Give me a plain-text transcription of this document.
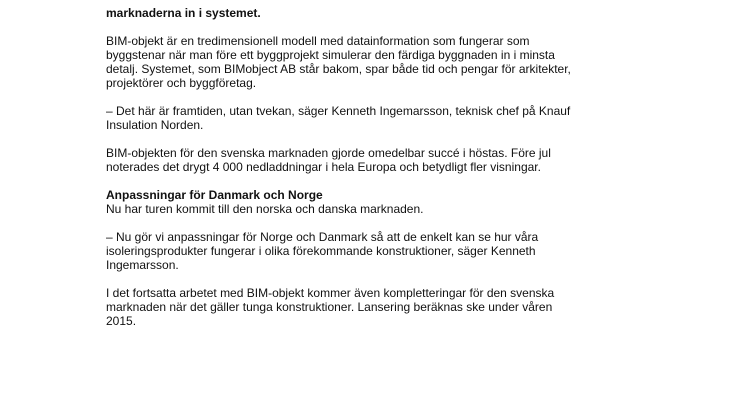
marknaderna in i systemet.

BIM-objekt är en tredimensionell modell med datainformation som fungerar som
byggstenar när man före ett byggprojekt simulerar den färdiga byggnaden in i minsta
detalj. Systemet, som BIMobject AB står bakom, spar både tid och pengar för arkitekter,
projektörer och byggföretag.

– Det här är framtiden, utan tvekan, säger Kenneth Ingemarsson, teknisk chef på Knauf
Insulation Norden.

BIM-objekten för den svenska marknaden gjorde omedelbar succé i höstas. Före jul
noterades det drygt 4 000 nedladdningar i hela Europa och betydligt fler visningar.

Anpassningar för Danmark och Norge
Nu har turen kommit till den norska och danska marknaden.

– Nu gör vi anpassningar för Norge och Danmark så att de enkelt kan se hur våra
isoleringsprodukter fungerar i olika förekommande konstruktioner, säger Kenneth
Ingemarsson.

I det fortsatta arbetet med BIM-objekt kommer även kompletteringar för den svenska
marknaden när det gäller tunga konstruktioner. Lansering beräknas ske under våren
2015.
